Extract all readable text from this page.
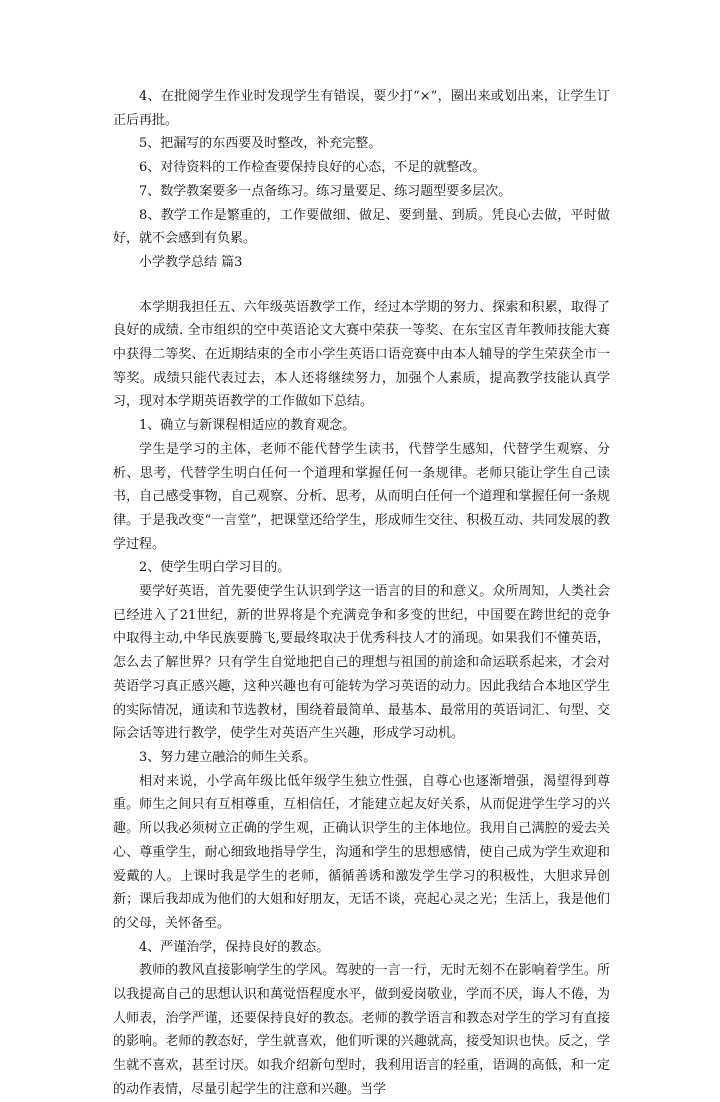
4、在批阅学生作业时发现学生有错误，要少打“×”，圈出来或划出来，让学生订正后再批。

5、把漏写的东西要及时整改，补充完整。

6、对待资料的工作检查要保持良好的心态，不足的就整改。

7、数学教案要多一点备练习。练习量要足、练习题型要多层次。

8、教学工作是繁重的，工作要做细、做足、要到量、到质。凭良心去做，平时做好，就不会感到有负累。

小学教学总结 篇3

本学期我担任五、六年级英语教学工作，经过本学期的努力、探索和积累，取得了良好的成绩. 全市组织的空中英语论文大赛中荣获一等奖、在东宝区青年教师技能大赛中获得二等奖、在近期结束的全市小学生英语口语竞赛中由本人辅导的学生荣获全市一等奖。成绩只能代表过去，本人还将继续努力，加强个人素质，提高教学技能认真学习，现对本学期英语教学的工作做如下总结。

1、确立与新课程相适应的教育观念。

学生是学习的主体，老师不能代替学生读书，代替学生感知，代替学生观察、分析、思考，代替学生明白任何一个道理和掌握任何一条规律。老师只能让学生自己读书，自己感受事物，自己观察、分析、思考，从而明白任何一个道理和掌握任何一条规律。于是我改变“一言堂”，把课堂还给学生，形成师生交往、积极互动、共同发展的教学过程。

2、使学生明白学习目的。

要学好英语，首先要使学生认识到学这一语言的目的和意义。众所周知，人类社会已经进入了21世纪，新的世界将是个充满竞争和多变的世纪，中国要在跨世纪的竞争中取得主动,中华民族要腾飞,要最终取决于优秀科技人才的涌现。如果我们不懂英语，怎么去了解世界？只有学生自觉地把自己的理想与祖国的前途和命运联系起来，才会对英语学习真正感兴趣，这种兴趣也有可能转为学习英语的动力。因此我结合本地区学生的实际情况，通读和节选教材，围绕着最简单、最基本、最常用的英语词汇、句型、交际会话等进行教学，使学生对英语产生兴趣，形成学习动机。

3、努力建立融洽的师生关系。

相对来说，小学高年级比低年级学生独立性强，自尊心也逐渐增强，渴望得到尊重。师生之间只有互相尊重，互相信任，才能建立起友好关系，从而促进学生学习的兴趣。所以我必须树立正确的学生观，正确认识学生的主体地位。我用自己满腔的爱去关心、尊重学生，耐心细致地指导学生，沟通和学生的思想感情，使自己成为学生欢迎和爱戴的人。上课时我是学生的老师，循循善诱和激发学生学习的积极性，大胆求异创新；课后我却成为他们的大姐和好朋友，无话不谈，亮起心灵之光；生活上，我是他们的父母，关怀备至。

4、严谨治学，保持良好的教态。

教师的教风直接影响学生的学风。驾驶的一言一行，无时无刻不在影响着学生。所以我提高自己的思想认识和萬觉悟程度水平，做到爱岗敬业，学而不厌，诲人不倦，为人师表，治学严谨，还要保持良好的教态。老师的教学语言和教态对学生的学习有直接的影响。老师的教态好，学生就喜欢，他们听课的兴趣就高，接受知识也快。反之，学生就不喜欢，甚至讨厌。如我介绍新句型时，我利用语言的轻重，语调的高低，和一定的动作表情，尽量引起学生的注意和兴趣。当学
